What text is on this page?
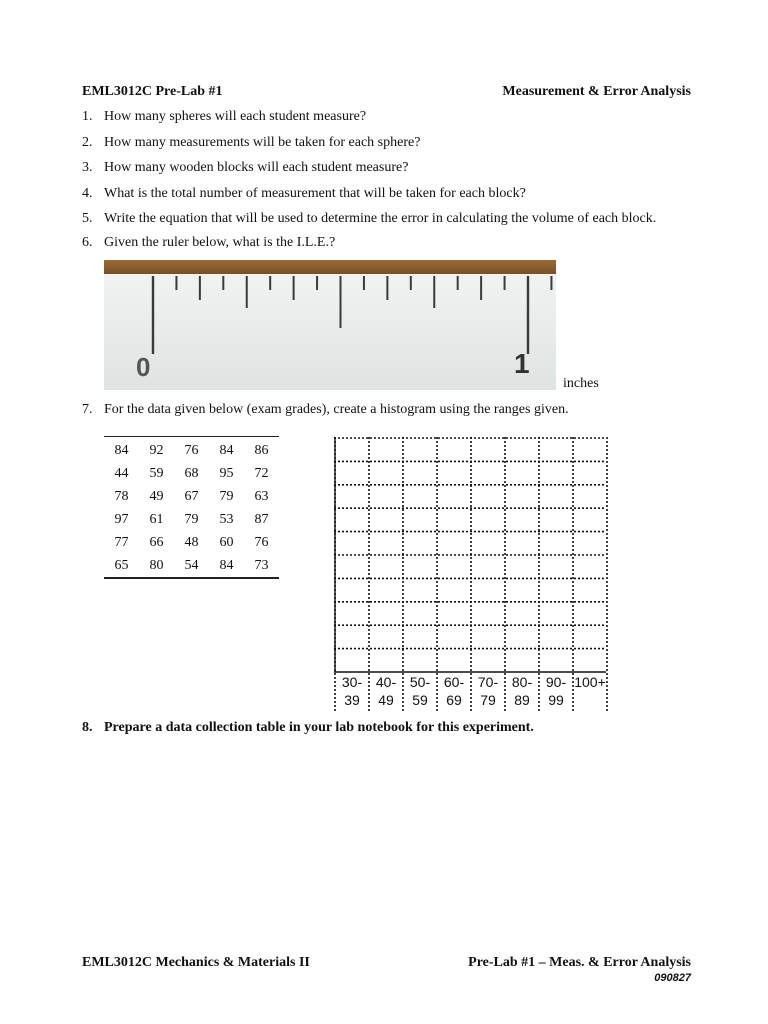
EML3012C Pre-Lab #1	Measurement & Error Analysis
1. How many spheres will each student measure?
2. How many measurements will be taken for each sphere?
3. How many wooden blocks will each student measure?
4. What is the total number of measurement that will be taken for each block?
5. Write the equation that will be used to determine the error in calculating the volume of each block.
6. Given the ruler below, what is the I.L.E.?
0	1
inches
7. For the data given below (exam grades), create a histogram using the ranges given.
84	92	76	84	86
44	59	68	95	72
78	49	67	79	63
97	61	79	53	87
77	66	48	60	76
65	80	54	84	73
30-
39
40-
49
50-
59
60-
69
70-
79
80-
89
90-
99
100+

8. Prepare a data collection table in your lab notebook for this experiment.
EML3012C Mechanics & Materials II	Pre-Lab #1 – Meas. & Error Analysis
090827
